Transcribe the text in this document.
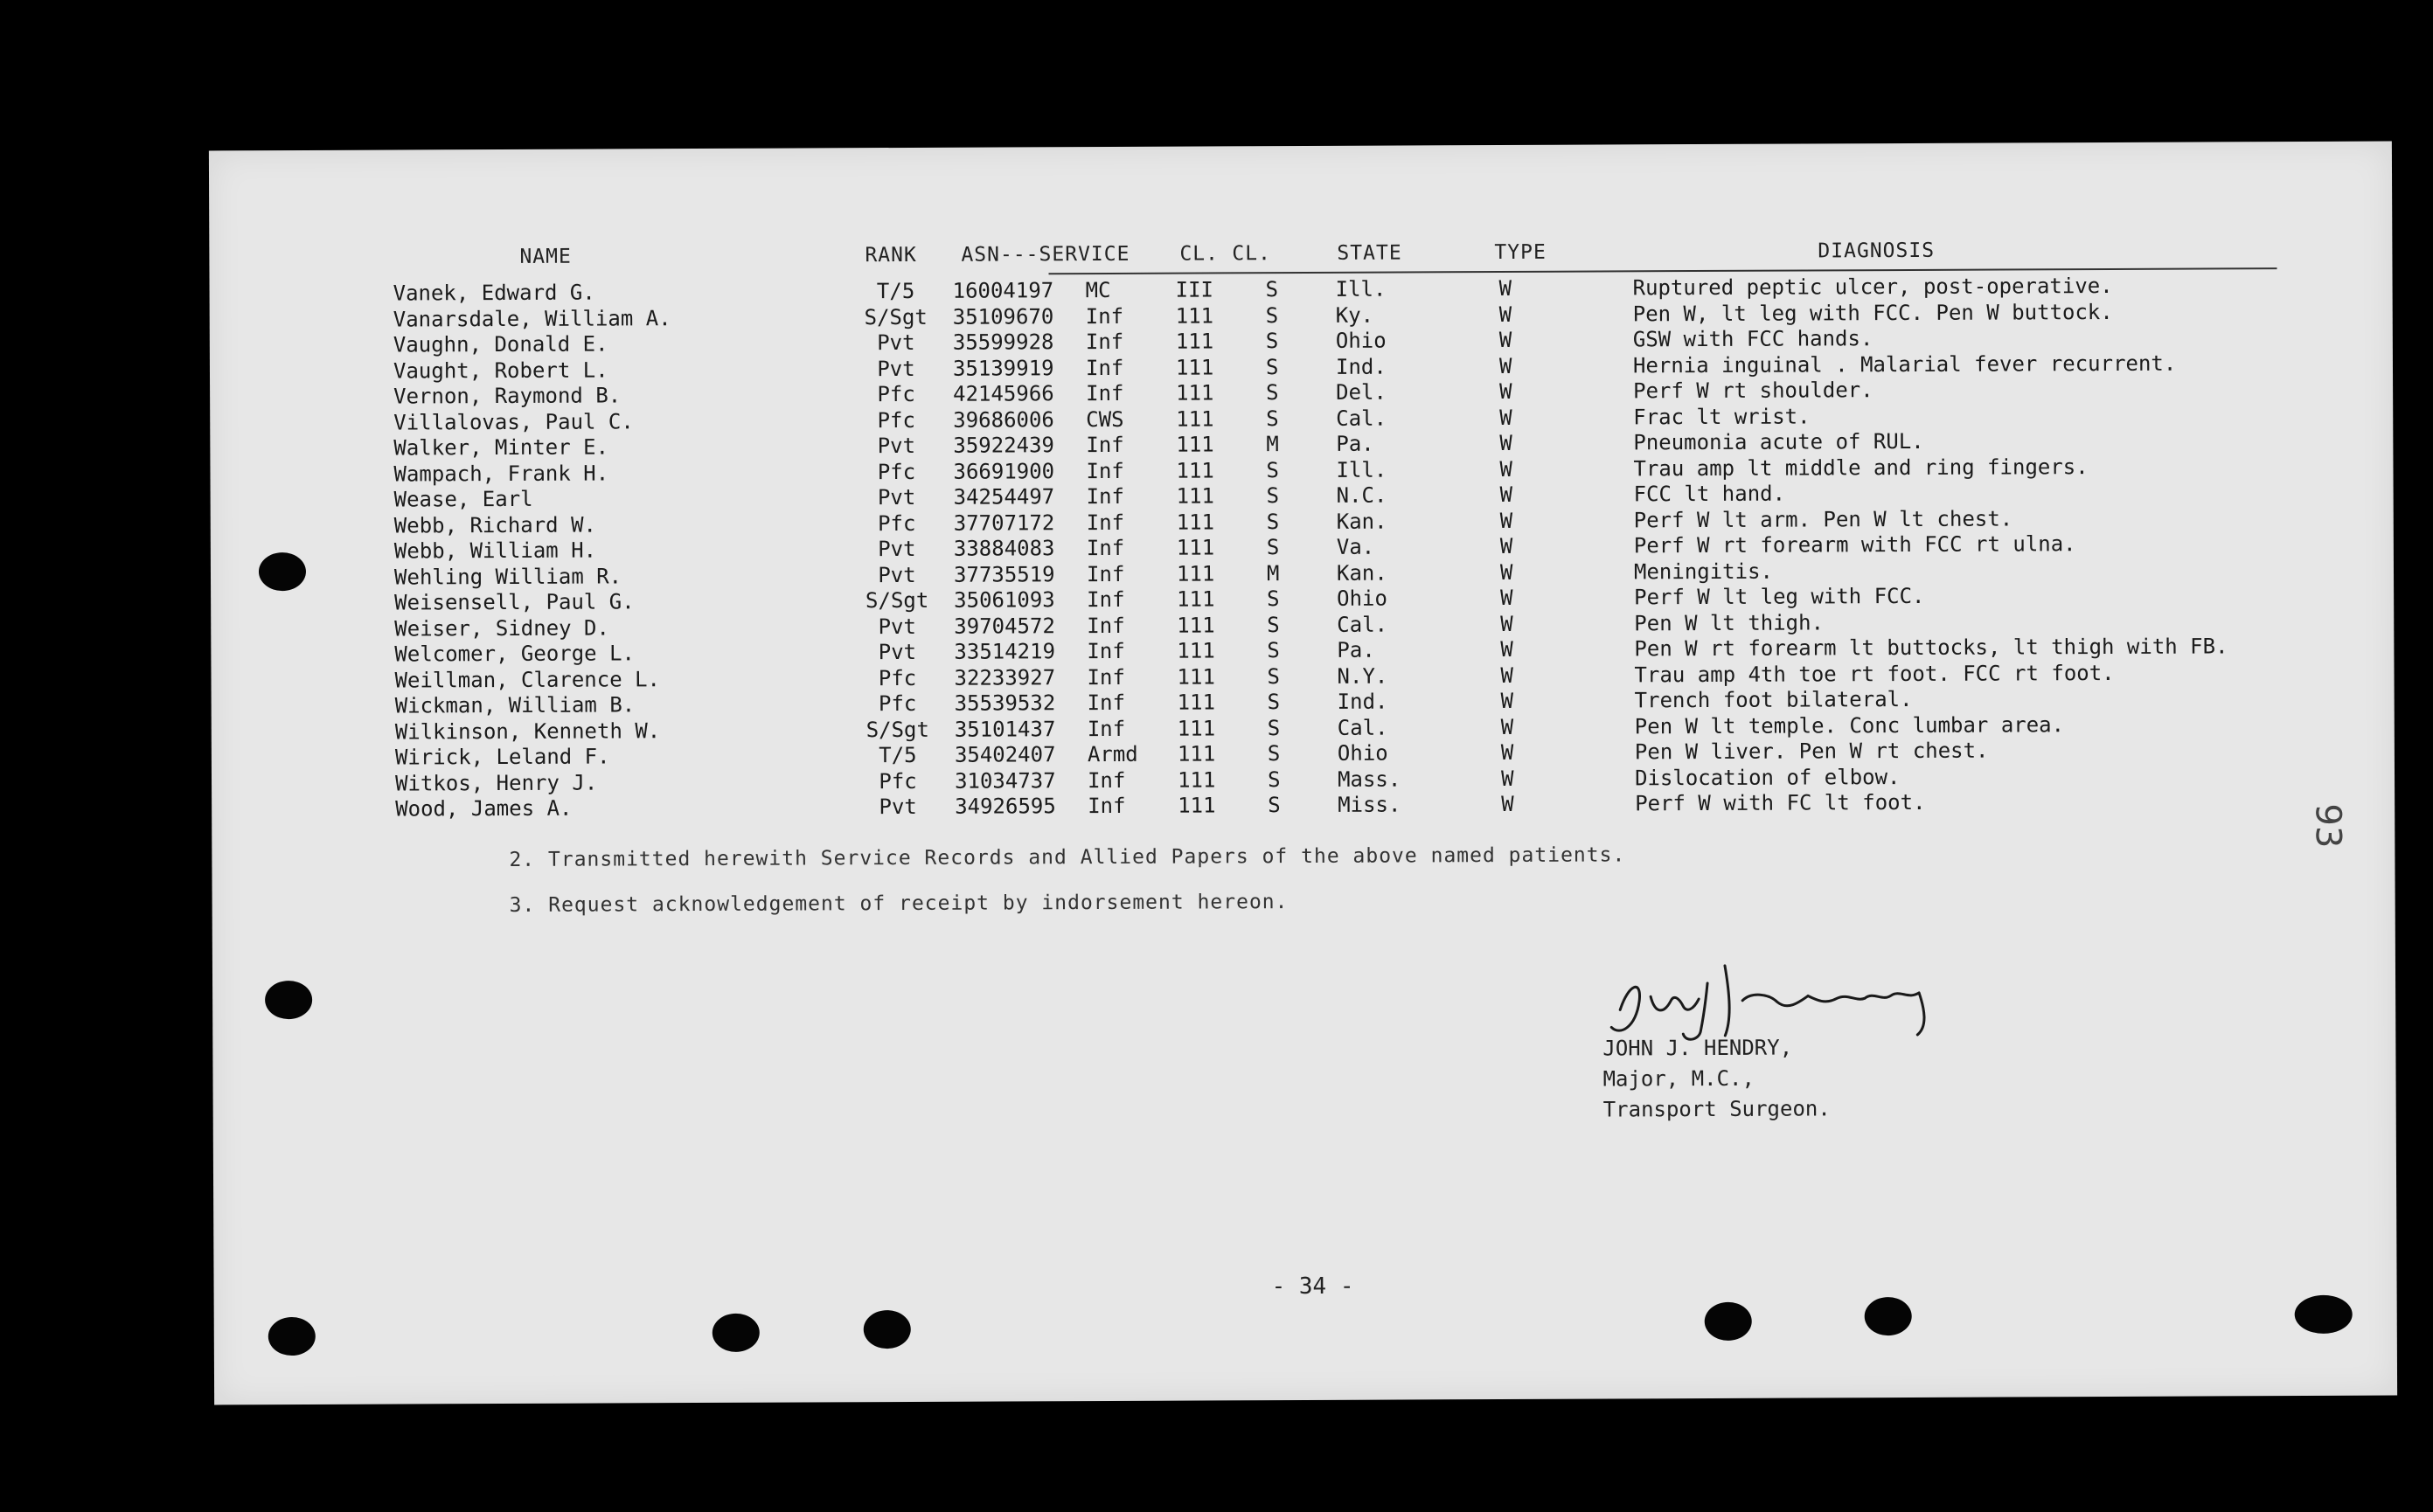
NAME	RANK ASN---SERVICE CL. CL.	STATE	TYPE	DIAGNOSIS
Vanek, Edward G.	T/5	16004197 MC	III S	Ill.	W	Ruptured peptic ulcer, post-operative.
Vanarsdale, William A.	S/Sgt	35109670 Inf 111 S	Ky.	W	Pen W, lt leg with FCC. Pen W buttock.
Vaughn, Donald E.	Pvt	35599928 Inf 111 S	Ohio	W	GSW with FCC hands.
Vaught, Robert L.	Pvt	35139919 Inf 111 S	Ind.	W	Hernia inguinal . Malarial fever recurrent.
Vernon, Raymond B.	Pfc	42145966 Inf 111 S	Del.	W	Perf W rt shoulder.
Villalovas, Paul C.	Pfc	39686006 CWS 111 S	Cal.	W	Frac lt wrist.
Walker, Minter E.	Pvt	35922439 Inf 111 M	Pa.	W	Pneumonia acute of RUL.
Wampach, Frank H.	Pfc	36691900 Inf 111 S	Ill.	W	Trau amp lt middle and ring fingers.
Wease, Earl	Pvt	34254497 Inf 111 S	N.C.	W	FCC lt hand.
Webb, Richard W.	Pfc	37707172 Inf 111 S	Kan.	W	Perf W lt arm. Pen W lt chest.
Webb, William H.	Pvt	33884083 Inf 111 S	Va.	W	Perf W rt forearm with FCC rt ulna.
Wehling William R.	Pvt	37735519 Inf 111 M	Kan.	W	Meningitis.
Weisensell, Paul G.	S/Sgt	35061093 Inf 111 S	Ohio	W	Perf W lt leg with FCC.
Weiser, Sidney D.	Pvt	39704572 Inf 111 S	Cal.	W	Pen W lt thigh.
Welcomer, George L.	Pvt	33514219 Inf 111 S	Pa.	W	Pen W rt forearm lt buttocks, lt thigh with FB.
Weillman, Clarence L.	Pfc	32233927 Inf 111 S	N.Y.	W	Trau amp 4th toe rt foot. FCC rt foot.
Wickman, William B.	Pfc	35539532 Inf 111 S	Ind.	W	Trench foot bilateral.
Wilkinson, Kenneth W.	S/Sgt	35101437 Inf 111 S	Cal.	W	Pen W lt temple. Conc lumbar area.
Wirick, Leland F.	T/5	35402407 Armd 111 S	Ohio	W	Pen W liver. Pen W rt chest.
Witkos, Henry J.	Pfc	31034737 Inf 111 S	Mass.	W	Dislocation of elbow.
Wood, James A.	Pvt	34926595 Inf 111 S	Miss.	W	Perf W with FC lt foot.
2. Transmitted herewith Service Records and Allied Papers of the above named patients.
3. Request acknowledgement of receipt by indorsement hereon.
JOHN J. HENDRY,
Major, M.C.,
Transport Surgeon.
- 34 -
93
